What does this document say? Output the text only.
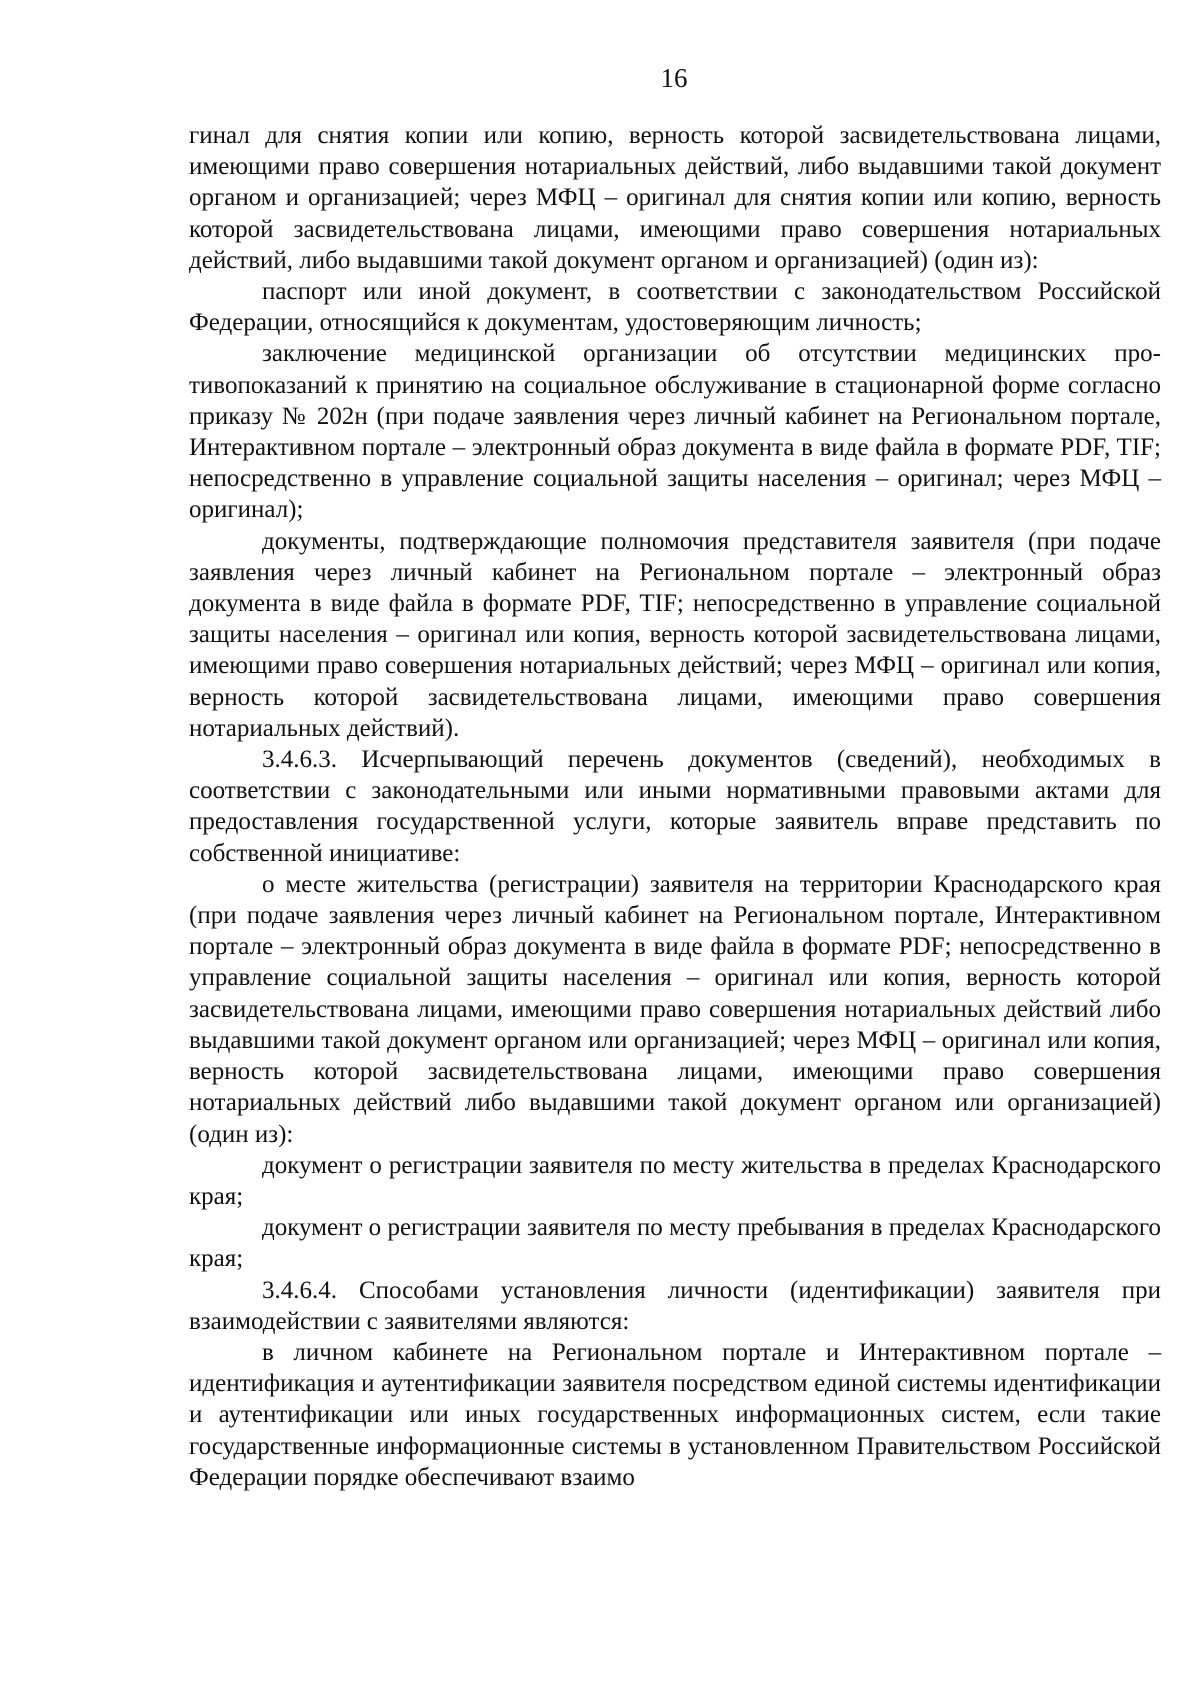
16

гинал для снятия копии или копию, верность которой засвидетельствована лицами, имеющими право совершения нотариальных действий, либо выдавшими такой документ органом и организацией; через МФЦ – оригинал для снятия копии или копию, верность которой засвидетельствована лицами, имеющими право совершения нотариальных действий, либо выдавшими такой документ органом и организацией) (один из):

паспорт или иной документ, в соответствии с законодательством Российской Федерации, относящийся к документам, удостоверяющим личность;

заключение медицинской организации об отсутствии медицинских противопоказаний к принятию на социальное обслуживание в стационарной форме согласно приказу № 202н (при подаче заявления через личный кабинет на Региональном портале, Интерактивном портале – электронный образ документа в виде файла в формате PDF, TIF; непосредственно в управление социальной защиты населения – оригинал; через МФЦ – оригинал);

документы, подтверждающие полномочия представителя заявителя (при подаче заявления через личный кабинет на Региональном портале – электронный образ документа в виде файла в формате PDF, TIF; непосредственно в управление социальной защиты населения – оригинал или копия, верность которой засвидетельствована лицами, имеющими право совершения нотариальных действий; через МФЦ – оригинал или копия, верность которой засвидетельствована лицами, имеющими право совершения нотариальных действий).

3.4.6.3. Исчерпывающий перечень документов (сведений), необходимых в соответствии с законодательными или иными нормативными правовыми актами для предоставления государственной услуги, которые заявитель вправе представить по собственной инициативе:

о месте жительства (регистрации) заявителя на территории Краснодарского края (при подаче заявления через личный кабинет на Региональном портале, Интерактивном портале – электронный образ документа в виде файла в формате PDF; непосредственно в управление социальной защиты населения – оригинал или копия, верность которой засвидетельствована лицами, имеющими право совершения нотариальных действий либо выдавшими такой документ органом или организацией; через МФЦ – оригинал или копия, верность которой засвидетельствована лицами, имеющими право совершения нотариальных действий либо выдавшими такой документ органом или организацией) (один из):

документ о регистрации заявителя по месту жительства в пределах Краснодарского края;

документ о регистрации заявителя по месту пребывания в пределах Краснодарского края;

3.4.6.4. Способами установления личности (идентификации) заявителя при взаимодействии с заявителями являются:

в личном кабинете на Региональном портале и Интерактивном портале – идентификация и аутентификации заявителя посредством единой системы идентификации и аутентификации или иных государственных информационных систем, если такие государственные информационные системы в установленном Правительством Российской Федерации порядке обеспечивают взаимо
